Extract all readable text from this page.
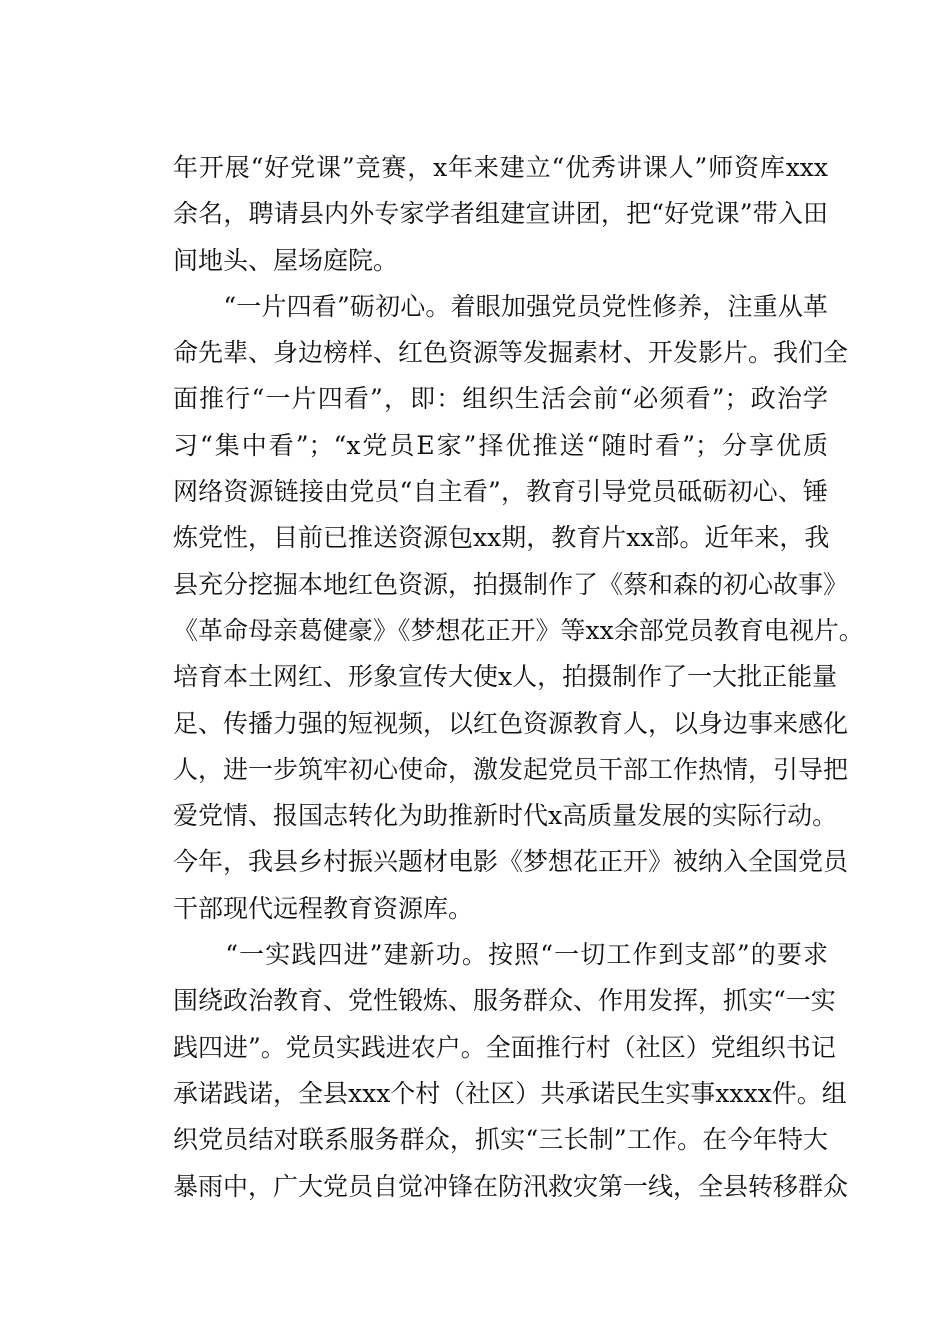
年开展“好党课”竞赛，x年来建立“优秀讲课人”师资库xxx
余名，聘请县内外专家学者组建宣讲团，把“好党课”带入田
间地头、屋场庭院。
　　“一片四看”砺初心。着眼加强党员党性修养，注重从革
命先辈、身边榜样、红色资源等发掘素材、开发影片。我们全
面推行“一片四看”，即：组织生活会前“必须看”；政治学
习“集中看”；“x党员E家”择优推送“随时看”；分享优质
网络资源链接由党员“自主看”，教育引导党员砥砺初心、锤
炼党性，目前已推送资源包xx期，教育片xx部。近年来，我
县充分挖掘本地红色资源，拍摄制作了《蔡和森的初心故事》
《革命母亲葛健豪》《梦想花正开》等xx余部党员教育电视片。
培育本土网红、形象宣传大使x人，拍摄制作了一大批正能量
足、传播力强的短视频，以红色资源教育人，以身边事来感化
人，进一步筑牢初心使命，激发起党员干部工作热情，引导把
爱党情、报国志转化为助推新时代x高质量发展的实际行动。
今年，我县乡村振兴题材电影《梦想花正开》被纳入全国党员
干部现代远程教育资源库。
　　“一实践四进”建新功。按照“一切工作到支部”的要求
围绕政治教育、党性锻炼、服务群众、作用发挥，抓实“一实
践四进”。党员实践进农户。全面推行村（社区）党组织书记
承诺践诺，全县xxx个村（社区）共承诺民生实事xxxx件。组
织党员结对联系服务群众，抓实“三长制”工作。在今年特大
暴雨中，广大党员自觉冲锋在防汛救灾第一线，全县转移群众
